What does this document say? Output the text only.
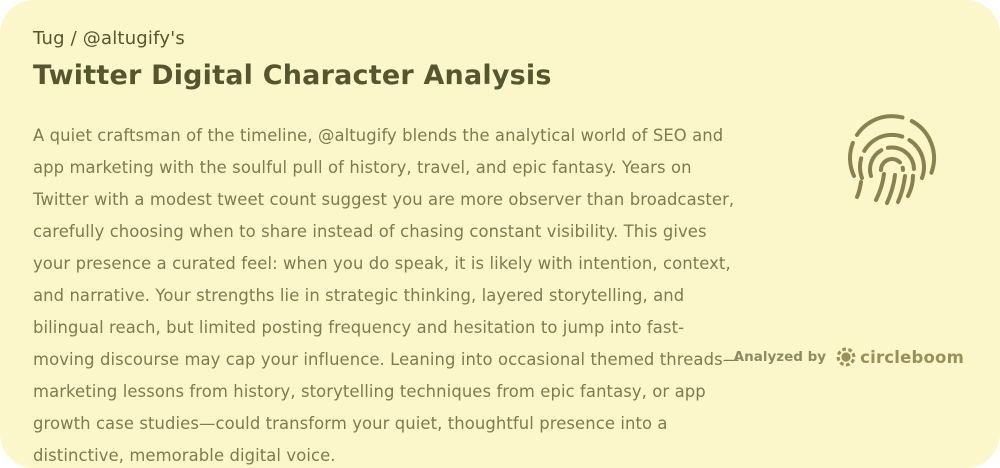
Tug / @altugify's
Twitter Digital Character Analysis
A quiet craftsman of the timeline, @altugify blends the analytical world of SEO and app marketing with the soulful pull of history, travel, and epic fantasy. Years on Twitter with a modest tweet count suggest you are more observer than broadcaster, carefully choosing when to share instead of chasing constant visibility. This gives your presence a curated feel: when you do speak, it is likely with intention, context, and narrative. Your strengths lie in strategic thinking, layered storytelling, and bilingual reach, but limited posting frequency and hesitation to jump into fast-moving discourse may cap your influence. Leaning into occasional themed threads—marketing lessons from history, storytelling techniques from epic fantasy, or app growth case studies—could transform your quiet, thoughtful presence into a distinctive, memorable digital voice.
Analyzed by circleboom
